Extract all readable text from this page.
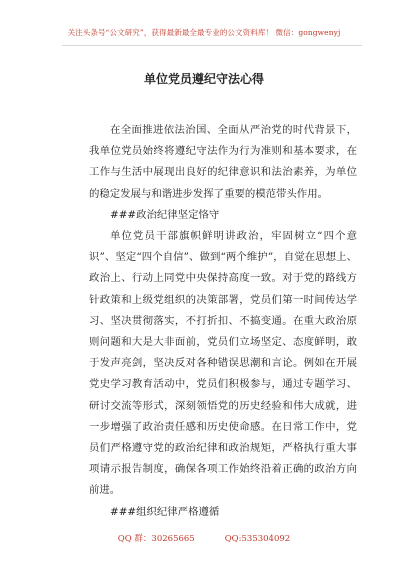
关注头条号“公文研究”，获得最新最全最专业的公文资料库！ 微信：gongwenyj
单位党员遵纪守法心得

在全面推进依法治国、全面从严治党的时代背景下，我单位党员始终将遵纪守法作为行为准则和基本要求，在工作与生活中展现出良好的纪律意识和法治素养，为单位的稳定发展与和谐进步发挥了重要的模范带头作用。

###政治纪律坚定恪守

单位党员干部旗帜鲜明讲政治，牢固树立“四个意识”、坚定“四个自信”、做到“两个维护”，自觉在思想上、政治上、行动上同党中央保持高度一致。对于党的路线方针政策和上级党组织的决策部署，党员们第一时间传达学习、坚决贯彻落实，不打折扣、不搞变通。在重大政治原则问题和大是大非面前，党员们立场坚定、态度鲜明，敢于发声亮剑，坚决反对各种错误思潮和言论。例如在开展党史学习教育活动中，党员们积极参与，通过专题学习、研讨交流等形式，深刻领悟党的历史经验和伟大成就，进一步增强了政治责任感和历史使命感。在日常工作中，党员们严格遵守党的政治纪律和政治规矩，严格执行重大事项请示报告制度，确保各项工作始终沿着正确的政治方向前进。

###组织纪律严格遵循

QQ 群：30265665	QQ:535304092
